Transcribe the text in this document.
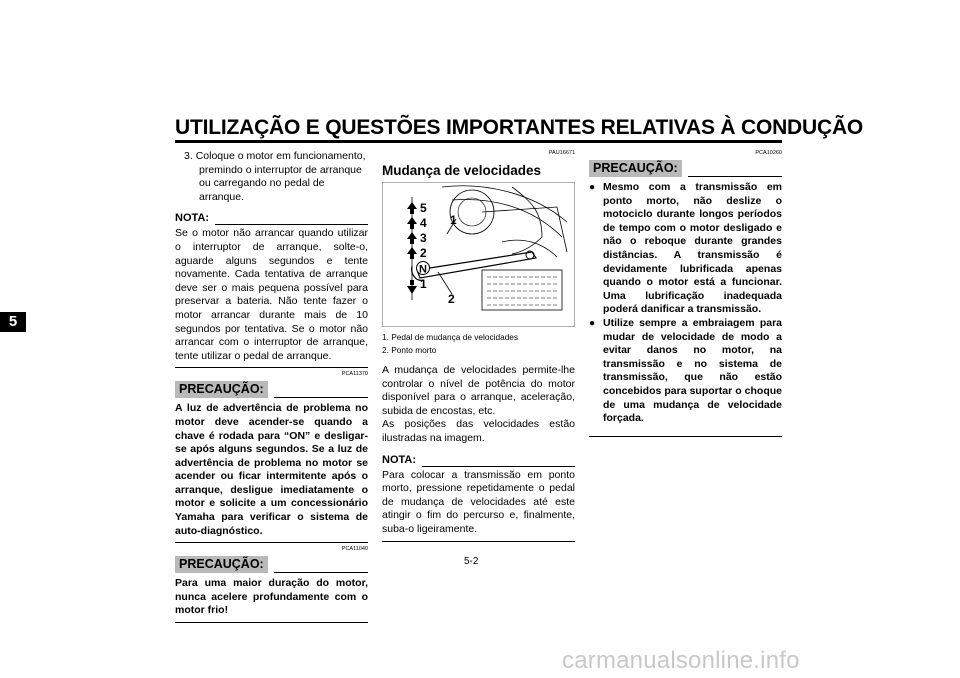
UTILIZAÇÃO E QUESTÕES IMPORTANTES RELATIVAS À CONDUÇÃO
5

3. Coloque o motor em funcionamento, premindo o interruptor de arranque ou carregando no pedal de arranque.

NOTA:

Se o motor não arrancar quando utilizar o interruptor de arranque, solte-o, aguarde alguns segundos e tente novamente. Cada tentativa de arranque deve ser o mais pequena possível para preservar a bateria. Não tente fazer o motor arrancar durante mais de 10 segundos por tentativa. Se o motor não arrancar com o interruptor de arranque, tente utilizar o pedal de arranque.

PCA11370
PRECAUÇÃO:

A luz de advertência de problema no motor deve acender-se quando a chave é rodada para “ON” e desligar-se após alguns segundos. Se a luz de advertência de problema no motor se acender ou ficar intermitente após o arranque, desligue imediatamente o motor e solicite a um concessionário Yamaha para verificar o sistema de auto-diagnóstico.

PCA11040
PRECAUÇÃO:

Para uma maior duração do motor, nunca acelere profundamente com o motor frio!

PAU16671
Mudança de velocidades
5
4
3
2
1
1
2
N
1. Pedal de mudança de velocidades
2. Ponto morto

A mudança de velocidades permite-lhe controlar o nível de potência do motor disponível para o arranque, aceleração, subida de encostas, etc.

As posições das velocidades estão ilustradas na imagem.

NOTA:

Para colocar a transmissão em ponto morto, pressione repetidamente o pedal de mudança de velocidades até este atingir o fim do percurso e, finalmente, suba-o ligeiramente.

PCA10260
PRECAUÇÃO:
● Mesmo com a transmissão em ponto morto, não deslize o motociclo durante longos períodos de tempo com o motor desligado e não o reboque durante grandes distâncias. A transmissão é devidamente lubrificada apenas quando o motor está a funcionar. Uma lubrificação inadequada poderá danificar a transmissão.

● Utilize sempre a embraiagem para mudar de velocidade de modo a evitar danos no motor, na transmissão e no sistema de transmissão, que não estão concebidos para suportar o choque de uma mudança de velocidade forçada.

5-2
carmanualsonline.info
